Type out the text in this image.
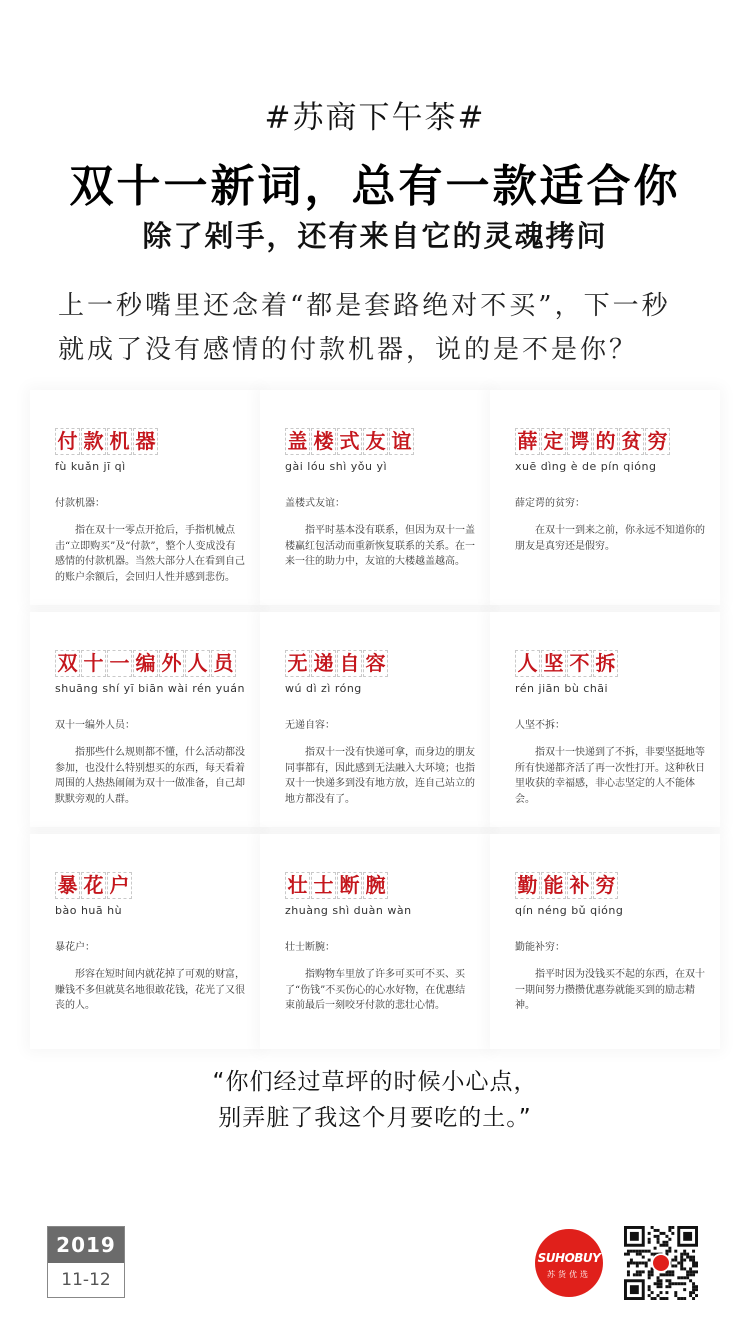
#苏商下午茶#
双十一新词，总有一款适合你
除了剁手，还有来自它的灵魂拷问

上一秒嘴里还念着“都是套路绝对不买”，下一秒

就成了没有感情的付款机器，说的是不是你？

付 款 机 器
fù kuǎn jī qì
付款机器：

指在双十一零点开抢后，手指机械点击“立即购买”及“付款”，整个人变成没有感情的付款机器。当然大部分人在看到自己的账户余额后，会回归人性并感到悲伤。

盖 楼 式 友 谊
gài lóu shì yǒu yì
盖楼式友谊：

指平时基本没有联系，但因为双十一盖楼赢红包活动而重新恢复联系的关系。在一来一往的助力中，友谊的大楼越盖越高。

薛 定 谔 的 贫 穷
xuē dìng è de pín qióng
薛定谔的贫穷：

在双十一到来之前，你永远不知道你的朋友是真穷还是假穷。

双 十 一 编 外 人 员
shuāng shí yī biān wài rén yuán
双十一编外人员：

指那些什么规则都不懂，什么活动都没参加，也没什么特别想买的东西，每天看着周围的人热热闹闹为双十一做准备，自己却默默旁观的人群。

无 递 自 容
wú dì zì róng
无递自容：

指双十一没有快递可拿，而身边的朋友同事都有，因此感到无法融入大环境；也指双十一快递多到没有地方放，连自己站立的地方都没有了。

人 坚 不 拆
rén jiān bù chāi
人坚不拆：

指双十一快递到了不拆，非要坚挺地等所有快递都齐活了再一次性打开。这种秋日里收获的幸福感，非心志坚定的人不能体会。

暴 花 户
bào huā hù
暴花户：

形容在短时间内就花掉了可观的财富，赚钱不多但就莫名地很敢花钱，花光了又很丧的人。

壮 士 断 腕
zhuàng shì duàn wàn
壮士断腕：

指购物车里放了许多可买可不买、买了“伤钱”不买伤心的心水好物，在优惠结束前最后一刻咬牙付款的悲壮心情。

勤 能 补 穷
qín néng bǔ qióng
勤能补穷：

指平时因为没钱买不起的东西，在双十一期间努力攒攒优惠券就能买到的励志精神。

“你们经过草坪的时候小心点，

别弄脏了我这个月要吃的土。”

2019
11-12
SUHOBUY
苏货优选
